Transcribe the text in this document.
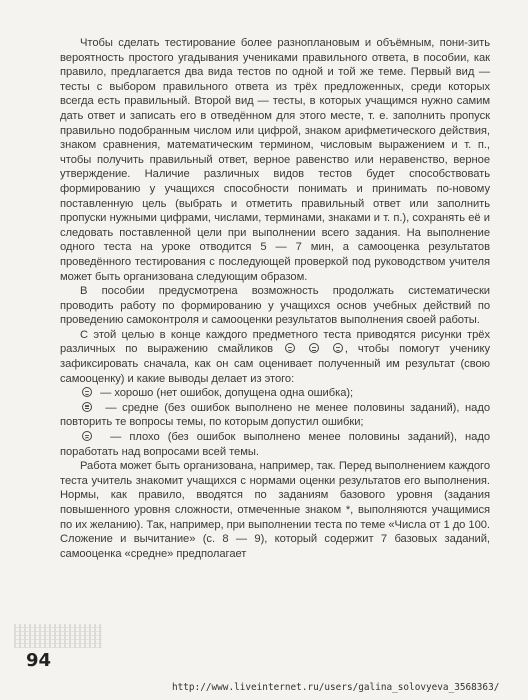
Чтобы сделать тестирование более разноплановым и объёмным, пони-зить вероятность простого угадывания учениками правильного ответа, в пособии, как правило, предлагается два вида тестов по одной и той же теме. Первый вид — тесты с выбором правильного ответа из трёх предложенных, среди которых всегда есть правильный. Второй вид — тесты, в которых учащимся нужно самим дать ответ и записать его в отведённом для этого месте, т. е. заполнить пропуск правильно подобранным числом или цифрой, знаком арифметического действия, знаком сравнения, математическим термином, числовым выражением и т. п., чтобы получить правильный ответ, верное равенство или неравенство, верное утверждение. Наличие различных видов тестов будет способствовать формированию у учащихся способности понимать и принимать по-новому поставленную цель (выбрать и отметить правильный ответ или заполнить пропуски нужными цифрами, числами, терминами, знаками и т. п.), сохранять её и следовать поставленной цели при выполнении всего задания. На выполнение одного теста на уроке отводится 5 — 7 мин, а самооценка результатов проведённого тестирования с последующей проверкой под руководством учителя может быть организована следующим образом.

В пособии предусмотрена возможность продолжать систематически проводить работу по формированию у учащихся основ учебных действий по проведению самоконтроля и самооценки результатов выполнения своей работы.

С этой целью в конце каждого предметного теста приводятся рисунки трёх различных по выражению смайликов

	, чтобы помогут ученику зафиксировать сначала, как он сам оценивает полученный им результат (свою самооценку) и какие выводы делает из этого:

— хорошо (нет ошибок, допущена одна ошибка);

— средне (без ошибок выполнено не менее половины заданий), надо повторить те вопросы темы, по которым допустил ошибки;

— плохо (без ошибок выполнено менее половины заданий), надо поработать над вопросами всей темы.

Работа может быть организована, например, так. Перед выполнением каждого теста учитель знакомит учащихся с нормами оценки результатов его выполнения. Нормы, как правило, вводятся по заданиям базового уровня (задания повышенного уровня сложности, отмеченные знаком *, выполняются учащимися по их желанию). Так, например, при выполнении теста по теме «Числа от 1 до 100. Сложение и вычитание» (с. 8 — 9), который содержит 7 базовых заданий, самооценка «средне» предполагает

94
http://www.liveinternet.ru/users/galina_solovyeva_3568363/
